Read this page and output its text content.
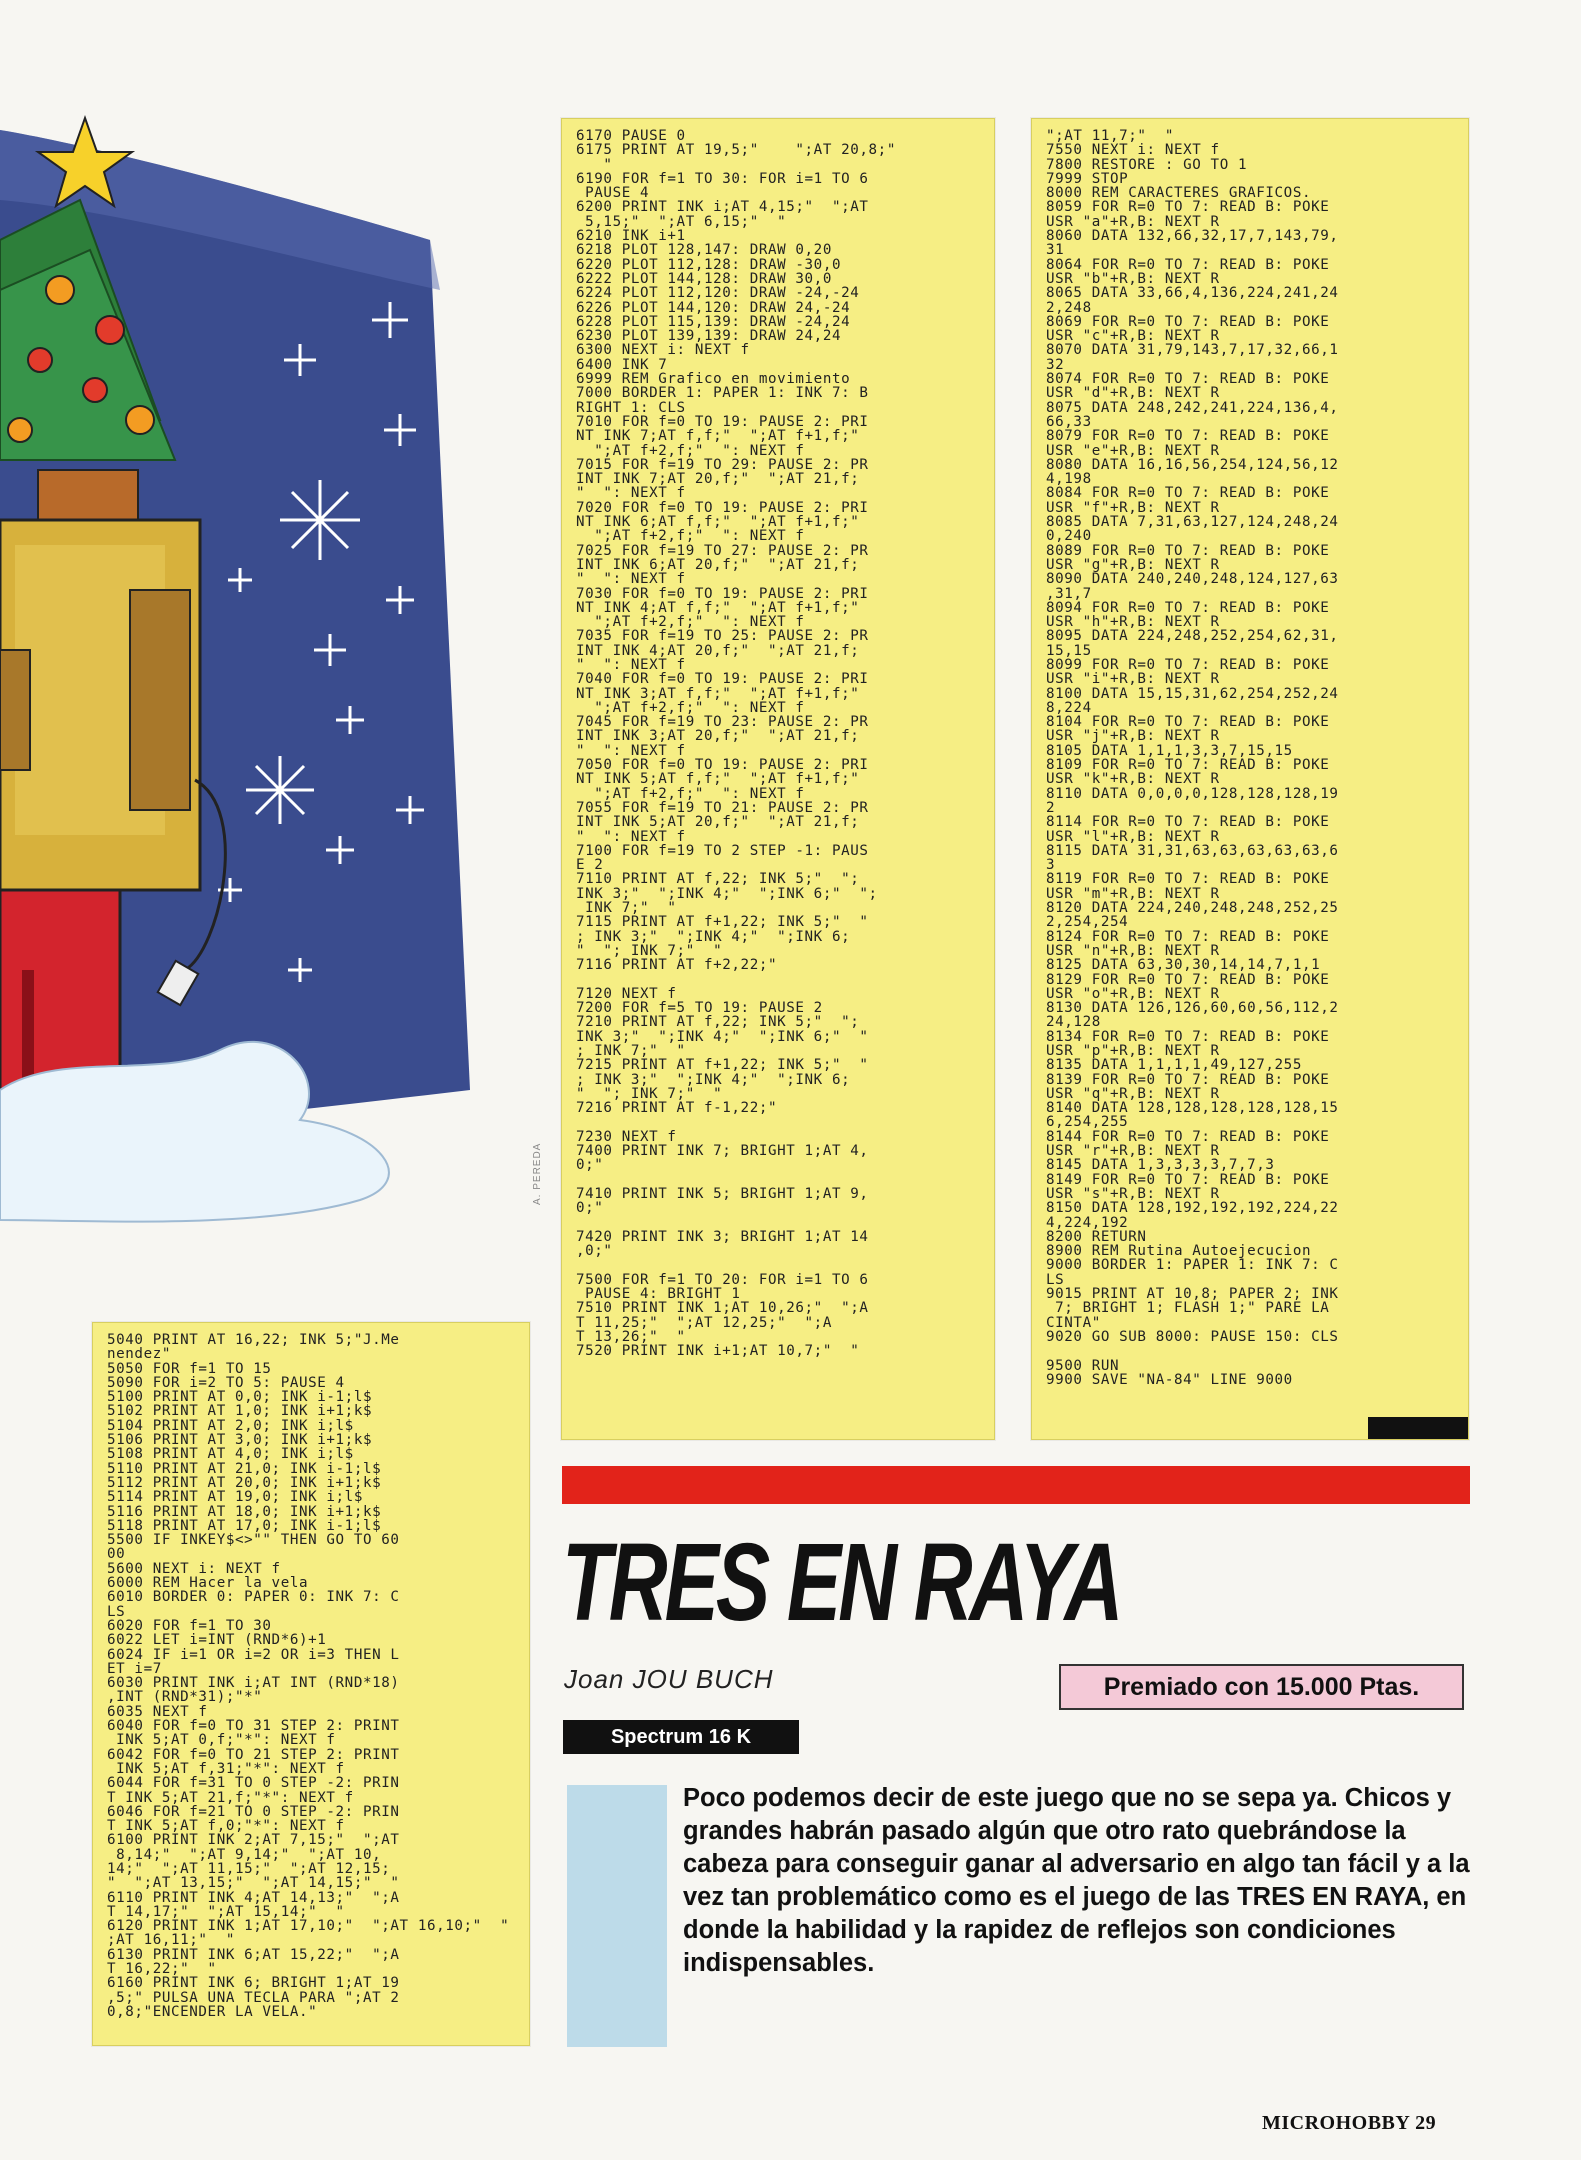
A. PEREDA
6170 PAUSE 0
6175 PRINT AT 19,5;"    ";AT 20,8;"
"
6190 FOR f=1 TO 30: FOR i=1 TO 6
PAUSE 4
6200 PRINT INK i;AT 4,15;"  ";AT
5,15;"  ";AT 6,15;"  "
6210 INK i+1
6218 PLOT 128,147: DRAW 0,20
6220 PLOT 112,128: DRAW -30,0
6222 PLOT 144,128: DRAW 30,0
6224 PLOT 112,120: DRAW -24,-24
6226 PLOT 144,120: DRAW 24,-24
6228 PLOT 115,139: DRAW -24,24
6230 PLOT 139,139: DRAW 24,24
6300 NEXT i: NEXT f
6400 INK 7
6999 REM Grafico en movimiento
7000 BORDER 1: PAPER 1: INK 7: B
RIGHT 1: CLS
7010 FOR f=0 TO 19: PAUSE 2: PRI
NT INK 7;AT f,f;"  ";AT f+1,f;"
";AT f+2,f;"  ": NEXT f
7015 FOR f=19 TO 29: PAUSE 2: PR
INT INK 7;AT 20,f;"  ";AT 21,f;
"  ": NEXT f
7020 FOR f=0 TO 19: PAUSE 2: PRI
NT INK 6;AT f,f;"  ";AT f+1,f;"
";AT f+2,f;"  ": NEXT f
7025 FOR f=19 TO 27: PAUSE 2: PR
INT INK 6;AT 20,f;"  ";AT 21,f;
"  ": NEXT f
7030 FOR f=0 TO 19: PAUSE 2: PRI
NT INK 4;AT f,f;"  ";AT f+1,f;"
";AT f+2,f;"  ": NEXT f
7035 FOR f=19 TO 25: PAUSE 2: PR
INT INK 4;AT 20,f;"  ";AT 21,f;
"  ": NEXT f
7040 FOR f=0 TO 19: PAUSE 2: PRI
NT INK 3;AT f,f;"  ";AT f+1,f;"
";AT f+2,f;"  ": NEXT f
7045 FOR f=19 TO 23: PAUSE 2: PR
INT INK 3;AT 20,f;"  ";AT 21,f;
"  ": NEXT f
7050 FOR f=0 TO 19: PAUSE 2: PRI
NT INK 5;AT f,f;"  ";AT f+1,f;"
";AT f+2,f;"  ": NEXT f
7055 FOR f=19 TO 21: PAUSE 2: PR
INT INK 5;AT 20,f;"  ";AT 21,f;
"  ": NEXT f
7100 FOR f=19 TO 2 STEP -1: PAUS
E 2
7110 PRINT AT f,22; INK 5;"  ";
INK 3;"  ";INK 4;"  ";INK 6;"  ";
INK 7;"  "
7115 PRINT AT f+1,22; INK 5;"  "
; INK 3;"  ";INK 4;"  ";INK 6;
"  "; INK 7;"  "
7116 PRINT AT f+2,22;"

7120 NEXT f
7200 FOR f=5 TO 19: PAUSE 2
7210 PRINT AT f,22; INK 5;"  ";
INK 3;"  ";INK 4;"  ";INK 6;"  "
; INK 7;"  "
7215 PRINT AT f+1,22; INK 5;"  "
; INK 3;"  ";INK 4;"  ";INK 6;
"  "; INK 7;"  "
7216 PRINT AT f-1,22;"

7230 NEXT f
7400 PRINT INK 7; BRIGHT 1;AT 4,
0;"

7410 PRINT INK 5; BRIGHT 1;AT 9,
0;"

7420 PRINT INK 3; BRIGHT 1;AT 14
,0;"

7500 FOR f=1 TO 20: FOR i=1 TO 6
PAUSE 4: BRIGHT 1
7510 PRINT INK 1;AT 10,26;"  ";A
T 11,25;"  ";AT 12,25;"  ";A
T 13,26;"  "
7520 PRINT INK i+1;AT 10,7;"  "
";AT 11,7;"  "
7550 NEXT i: NEXT f
7800 RESTORE : GO TO 1
7999 STOP
8000 REM CARACTERES GRAFICOS.
8059 FOR R=0 TO 7: READ B: POKE
USR "a"+R,B: NEXT R
8060 DATA 132,66,32,17,7,143,79,
31
8064 FOR R=0 TO 7: READ B: POKE
USR "b"+R,B: NEXT R
8065 DATA 33,66,4,136,224,241,24
2,248
8069 FOR R=0 TO 7: READ B: POKE
USR "c"+R,B: NEXT R
8070 DATA 31,79,143,7,17,32,66,1
32
8074 FOR R=0 TO 7: READ B: POKE
USR "d"+R,B: NEXT R
8075 DATA 248,242,241,224,136,4,
66,33
8079 FOR R=0 TO 7: READ B: POKE
USR "e"+R,B: NEXT R
8080 DATA 16,16,56,254,124,56,12
4,198
8084 FOR R=0 TO 7: READ B: POKE
USR "f"+R,B: NEXT R
8085 DATA 7,31,63,127,124,248,24
0,240
8089 FOR R=0 TO 7: READ B: POKE
USR "g"+R,B: NEXT R
8090 DATA 240,240,248,124,127,63
,31,7
8094 FOR R=0 TO 7: READ B: POKE
USR "h"+R,B: NEXT R
8095 DATA 224,248,252,254,62,31,
15,15
8099 FOR R=0 TO 7: READ B: POKE
USR "i"+R,B: NEXT R
8100 DATA 15,15,31,62,254,252,24
8,224
8104 FOR R=0 TO 7: READ B: POKE
USR "j"+R,B: NEXT R
8105 DATA 1,1,1,3,3,7,15,15
8109 FOR R=0 TO 7: READ B: POKE
USR "k"+R,B: NEXT R
8110 DATA 0,0,0,0,128,128,128,19
2
8114 FOR R=0 TO 7: READ B: POKE
USR "l"+R,B: NEXT R
8115 DATA 31,31,63,63,63,63,63,6
3
8119 FOR R=0 TO 7: READ B: POKE
USR "m"+R,B: NEXT R
8120 DATA 224,240,248,248,252,25
2,254,254
8124 FOR R=0 TO 7: READ B: POKE
USR "n"+R,B: NEXT R
8125 DATA 63,30,30,14,14,7,1,1
8129 FOR R=0 TO 7: READ B: POKE
USR "o"+R,B: NEXT R
8130 DATA 126,126,60,60,56,112,2
24,128
8134 FOR R=0 TO 7: READ B: POKE
USR "p"+R,B: NEXT R
8135 DATA 1,1,1,1,49,127,255
8139 FOR R=0 TO 7: READ B: POKE
USR "q"+R,B: NEXT R
8140 DATA 128,128,128,128,128,15
6,254,255
8144 FOR R=0 TO 7: READ B: POKE
USR "r"+R,B: NEXT R
8145 DATA 1,3,3,3,3,7,7,3
8149 FOR R=0 TO 7: READ B: POKE
USR "s"+R,B: NEXT R
8150 DATA 128,192,192,192,224,22
4,224,192
8200 RETURN
8900 REM Rutina Autoejecucion
9000 BORDER 1: PAPER 1: INK 7: C
LS
9015 PRINT AT 10,8; PAPER 2; INK
7; BRIGHT 1; FLASH 1;" PARE LA
CINTA"
9020 GO SUB 8000: PAUSE 150: CLS

9500 RUN
9900 SAVE "NA-84" LINE 9000
5040 PRINT AT 16,22; INK 5;"J.Me
nendez"
5050 FOR f=1 TO 15
5090 FOR i=2 TO 5: PAUSE 4
5100 PRINT AT 0,0; INK i-1;l$
5102 PRINT AT 1,0; INK i+1;k$
5104 PRINT AT 2,0; INK i;l$
5106 PRINT AT 3,0; INK i+1;k$
5108 PRINT AT 4,0; INK i;l$
5110 PRINT AT 21,0; INK i-1;l$
5112 PRINT AT 20,0; INK i+1;k$
5114 PRINT AT 19,0; INK i;l$
5116 PRINT AT 18,0; INK i+1;k$
5118 PRINT AT 17,0; INK i-1;l$
5500 IF INKEY$<>"" THEN GO TO 60
00
5600 NEXT i: NEXT f
6000 REM Hacer la vela
6010 BORDER 0: PAPER 0: INK 7: C
LS
6020 FOR f=1 TO 30
6022 LET i=INT (RND*6)+1
6024 IF i=1 OR i=2 OR i=3 THEN L
ET i=7
6030 PRINT INK i;AT INT (RND*18)
,INT (RND*31);"*"
6035 NEXT f
6040 FOR f=0 TO 31 STEP 2: PRINT
INK 5;AT 0,f;"*": NEXT f
6042 FOR f=0 TO 21 STEP 2: PRINT
INK 5;AT f,31;"*": NEXT f
6044 FOR f=31 TO 0 STEP -2: PRIN
T INK 5;AT 21,f;"*": NEXT f
6046 FOR f=21 TO 0 STEP -2: PRIN
T INK 5;AT f,0;"*": NEXT f
6100 PRINT INK 2;AT 7,15;"  ";AT
8,14;"  ";AT 9,14;"  ";AT 10,
14;"  ";AT 11,15;"  ";AT 12,15;
"  ";AT 13,15;"  ";AT 14,15;"  "
6110 PRINT INK 4;AT 14,13;"  ";A
T 14,17;"  ";AT 15,14;"  "
6120 PRINT INK 1;AT 17,10;"  ";AT 16,10;"  "
;AT 16,11;"  "
6130 PRINT INK 6;AT 15,22;"  ";A
T 16,22;"  "
6160 PRINT INK 6; BRIGHT 1;AT 19
,5;" PULSA UNA TECLA PARA ";AT 2
0,8;"ENCENDER LA VELA."
TRES EN RAYA
Joan JOU BUCH	Premiado con 15.000 Ptas.
Spectrum 16 K
Poco podemos decir de este juego que no se sepa ya. Chicos y grandes habrán pasado algún que otro rato quebrándose la cabeza para conseguir ganar al adversario en algo tan fácil y a la vez tan problemático como es el juego de las TRES EN RAYA, en donde la habilidad y la rapidez de reflejos son condiciones indispensables.
MICROHOBBY 29
